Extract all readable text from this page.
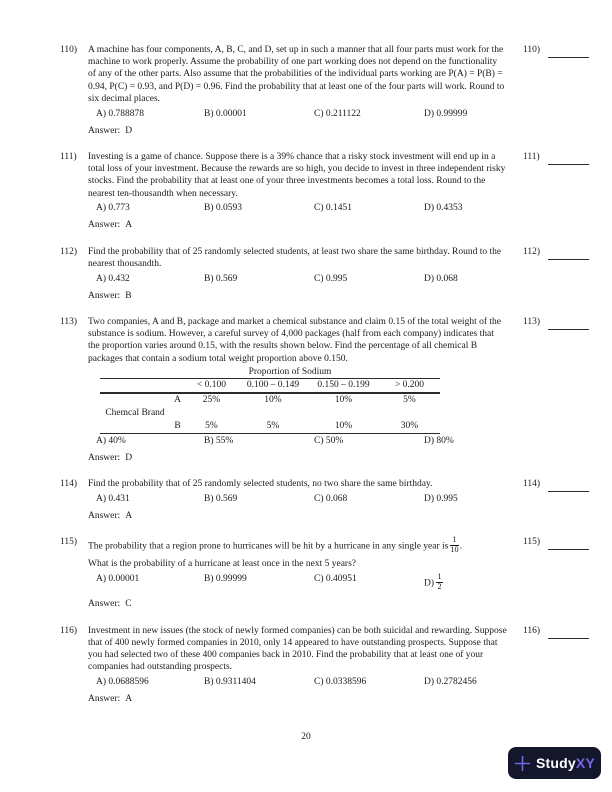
110)	A machine has four components, A, B, C, and D, set up in such a manner that all four parts must work for the machine to work properly. Assume the probability of one part working does not depend on the functionality of any of the other parts. Also assume that the probabilities of the individual parts working are P(A) = P(B) = 0.94, P(C) = 0.93, and P(D) = 0.96. Find the probability that at least one of the four parts will work. Round to six decimal places.
A) 0.788878	B) 0.00001	C) 0.211122	D) 0.99999
Answer: D
110)
111)	Investing is a game of chance. Suppose there is a 39% chance that a risky stock investment will end up in a total loss of your investment. Because the rewards are so high, you decide to invest in three independent risky stocks. Find the probability that at least one of your three investments becomes a total loss. Round to the nearest ten-thousandth when necessary.
A) 0.773	B) 0.0593	C) 0.1451	D) 0.4353
Answer: A
111)
112)	Find the probability that of 25 randomly selected students, at least two share the same birthday. Round to the nearest thousandth.
A) 0.432	B) 0.569	C) 0.995	D) 0.068
Answer: B
112)
113)	Two companies, A and B, package and market a chemical substance and claim 0.15 of the total weight of the substance is sodium. However, a careful survey of 4,000 packages (half from each company) indicates that the proportion varies around 0.15, with the results shown below. Find the percentage of all chemical B packages that contain a sodium total weight proportion above 0.150.
Proportion of Sodium
		< 0.100	0.100 – 0.149	0.150 – 0.199	> 0.200
Chemcal Brand	A	25%	10%	10%	5%

	B	5%	5%	10%	30%
A) 40%	B) 55%	C) 50%	D) 80%
Answer: D
113)
114)	Find the probability that of 25 randomly selected students, no two share the same birthday.
A) 0.431	B) 0.569	C) 0.068	D) 0.995
Answer: A
114)
115)	The probability that a region prone to hurricanes will be hit by a hurricane in any single year is $\frac{1}{10}$ .
What is the probability of a hurricane at least once in the next 5 years?
A) 0.00001	B) 0.99999	C) 0.40951	$D) \frac{1}{2}$
Answer: C
115)
116)	Investment in new issues (the stock of newly formed companies) can be both suicidal and rewarding. Suppose that of 400 newly formed companies in 2010, only 14 appeared to have outstanding prospects. Suppose that you had selected two of these 400 companies back in 2010. Find the probability that at least one of your companies had outstanding prospects.
A) 0.0688596	B) 0.9311404	C) 0.0338596	D) 0.2782456
Answer: A
116)
20
StudyXY
